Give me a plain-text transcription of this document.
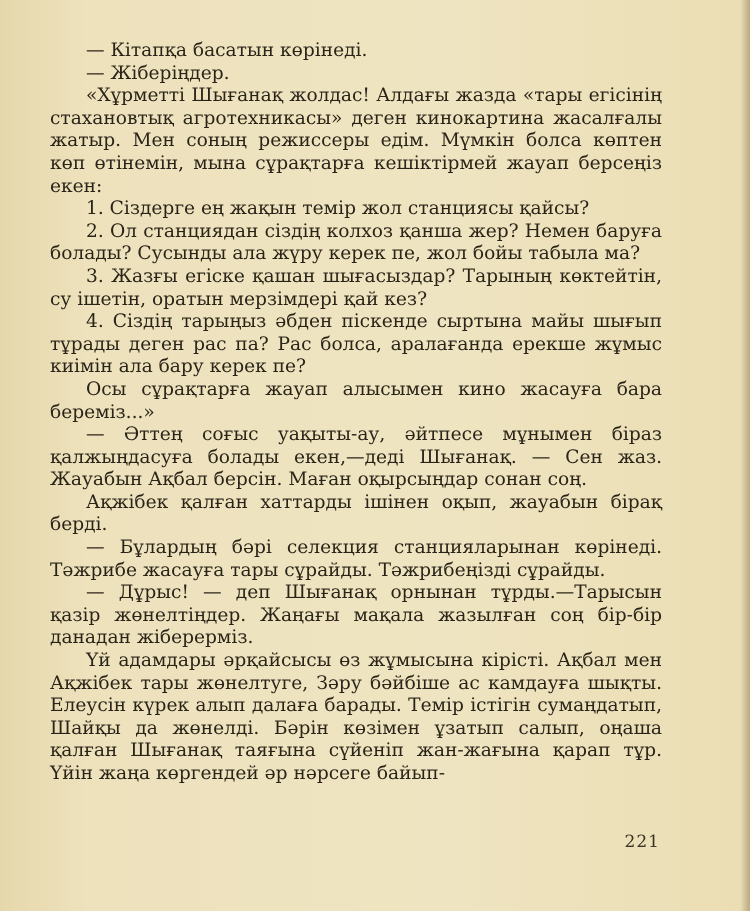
— Кітапқа басатын көрінеді.

— Жіберіңдер.

«Хұрметті Шығанақ жолдас! Алдағы жазда «тары егісінің стахановтық агротехникасы» деген кинокартина жасалғалы жатыр. Мен соның режиссеры едім. Мүмкін болса көптен көп өтінемін, мына сұрақтарға кешіктірмей жауап берсеңіз екен:

1. Сіздерге ең жақын темір жол станциясы қайсы?

2. Ол станциядан сіздің колхоз қанша жер? Немен баруға болады? Сусынды ала жүру керек пе, жол бойы табыла ма?

3. Жазғы егіске қашан шығасыздар? Тарының көктейтін, су ішетін, оратын мерзімдері қай кез?

4. Сіздің тарыңыз әбден піскенде сыртына майы шығып тұрады деген рас па? Рас болса, аралағанда ерекше жұмыс киімін ала бару керек пе?

Осы сұрақтарға жауап алысымен кино жасауға бара беремiз...»

— Әттең соғыс уақыты-ау, әйтпесе мұнымен біраз қалжыңдасуға болады екен,—деді Шығанақ. — Сен жаз. Жауабын Ақбал берсін. Маған оқырсыңдар сонан соң.

Ақжібек қалған хаттарды ішінен оқып, жауабын бірақ берді.

— Бұлардың бәрі селекция станцияларынан көрінеді. Тәжрибе жасауға тары сұрайды. Тәжрибеңізді сұрайды.

— Дұрыс! — деп Шығанақ орнынан тұрды.—Тарысын қазір жөнелтіңдер. Жаңағы мақала жазылған соң бір-бір данадан жіберерміз.

Үй адамдары әрқайсысы өз жұмысына кірісті. Ақбал мен Ақжібек тары жөнелтуге, Зәру бәйбіше ас камдауға шықты. Елеусін күрек алып далаға барады. Темір істігін сумаңдатып, Шайқы да жөнелді. Бәрін көзімен ұзатып салып, оңаша қалған Шығанақ таяғына сүйеніп жан-жағына қарап тұр. Үйін жаңа көргендей әр нәрсеге байып-

221
